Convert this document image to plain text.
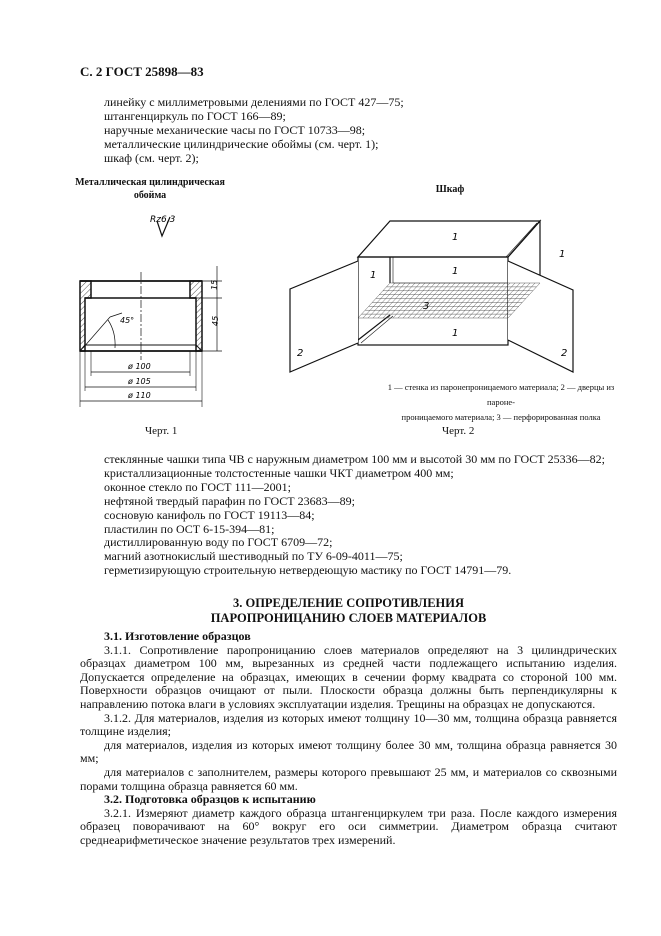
С. 2 ГОСТ 25898—83
линейку с миллиметровыми делениями по ГОСТ 427—75;
штангенциркуль по ГОСТ 166—89;
наручные механические часы по ГОСТ 10733—98;
металлические цилиндрические обоймы (см. черт. 1);
шкаф (см. черт. 2);
Металлическая цилиндрическая
обойма
Шкаф
Rz6,3
15
45
45°
ø 100
ø 105
ø 110
1
1
1	1
1
2	2
3
1 — стенка из паронепроницаемого материала; 2 — дверцы из пароне-
проницаемого материала; 3 — перфорированная полка
Черт. 1	Черт. 2
стеклянные чашки типа ЧВ с наружным диаметром 100 мм и высотой 30 мм по ГОСТ 25336—82;
кристаллизационные толстостенные чашки ЧКТ диаметром 400 мм;
оконное стекло по ГОСТ 111—2001;
нефтяной твердый парафин по ГОСТ 23683—89;
сосновую канифоль по ГОСТ 19113—84;
пластилин по ОСТ 6-15-394—81;
дистиллированную воду по ГОСТ 6709—72;
магний азотнокислый шестиводный по ТУ 6-09-4011—75;
герметизирующую строительную нетвердеющую мастику по ГОСТ 14791—79.
3. ОПРЕДЕЛЕНИЕ СОПРОТИВЛЕНИЯ
ПАРОПРОНИЦАНИЮ СЛОЕВ МАТЕРИАЛОВ

3.1. Изготовление образцов

3.1.1. Сопротивление паропроницанию слоев материалов определяют на 3 цилиндрических образцах диаметром 100 мм, вырезанных из средней части подлежащего испытанию изделия. Допускается определение на образцах, имеющих в сечении форму квадрата со стороной 100 мм. Поверхности образцов очищают от пыли. Плоскости образца должны быть перпендикулярны к направлению потока влаги в условиях эксплуатации изделия. Трещины на образцах не допускаются.

3.1.2. Для материалов, изделия из которых имеют толщину 10—30 мм, толщина образца равняется толщине изделия;

для материалов, изделия из которых имеют толщину более 30 мм, толщина образца равняется 30 мм;

для материалов с заполнителем, размеры которого превышают 25 мм, и материалов со сквозными порами толщина образца равняется 60 мм.

3.2. Подготовка образцов к испытанию

3.2.1. Измеряют диаметр каждого образца штангенциркулем три раза. После каждого измерения образец поворачивают на 60° вокруг его оси симметрии. Диаметром образца считают среднеарифметическое значение результатов трех измерений.
